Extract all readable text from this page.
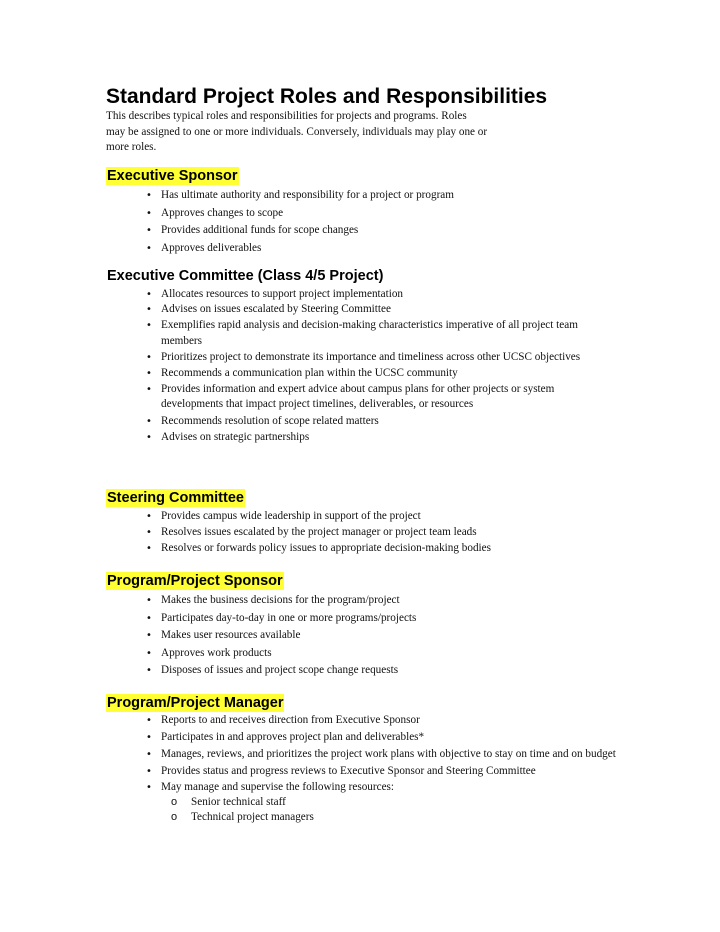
Standard Project Roles and Responsibilities

This describes typical roles and responsibilities for projects and programs. Roles
may be assigned to one or more individuals. Conversely, individuals may play one or
more roles.

Executive Sponsor
• Has ultimate authority and responsibility for a project or program
• Approves changes to scope
• Provides additional funds for scope changes
• Approves deliverables
Executive Committee (Class 4/5 Project)
• Allocates resources to support project implementation
• Advises on issues escalated by Steering Committee
• Exemplifies rapid analysis and decision-making characteristics imperative of all project team members
• Prioritizes project to demonstrate its importance and timeliness across other UCSC objectives
• Recommends a communication plan within the UCSC community
• Provides information and expert advice about campus plans for other projects or system developments that impact project timelines, deliverables, or resources
• Recommends resolution of scope related matters
• Advises on strategic partnerships
Steering Committee
• Provides campus wide leadership in support of the project
• Resolves issues escalated by the project manager or project team leads
• Resolves or forwards policy issues to appropriate decision-making bodies
Program/Project Sponsor
• Makes the business decisions for the program/project
• Participates day-to-day in one or more programs/projects
• Makes user resources available
• Approves work products
• Disposes of issues and project scope change requests
Program/Project Manager
• Reports to and receives direction from Executive Sponsor
• Participates in and approves project plan and deliverables*
• Manages, reviews, and prioritizes the project work plans with objective to stay on time and on budget
• Provides status and progress reviews to Executive Sponsor and Steering Committee
• May manage and supervise the following resources:
o Senior technical staff
o Technical project managers
